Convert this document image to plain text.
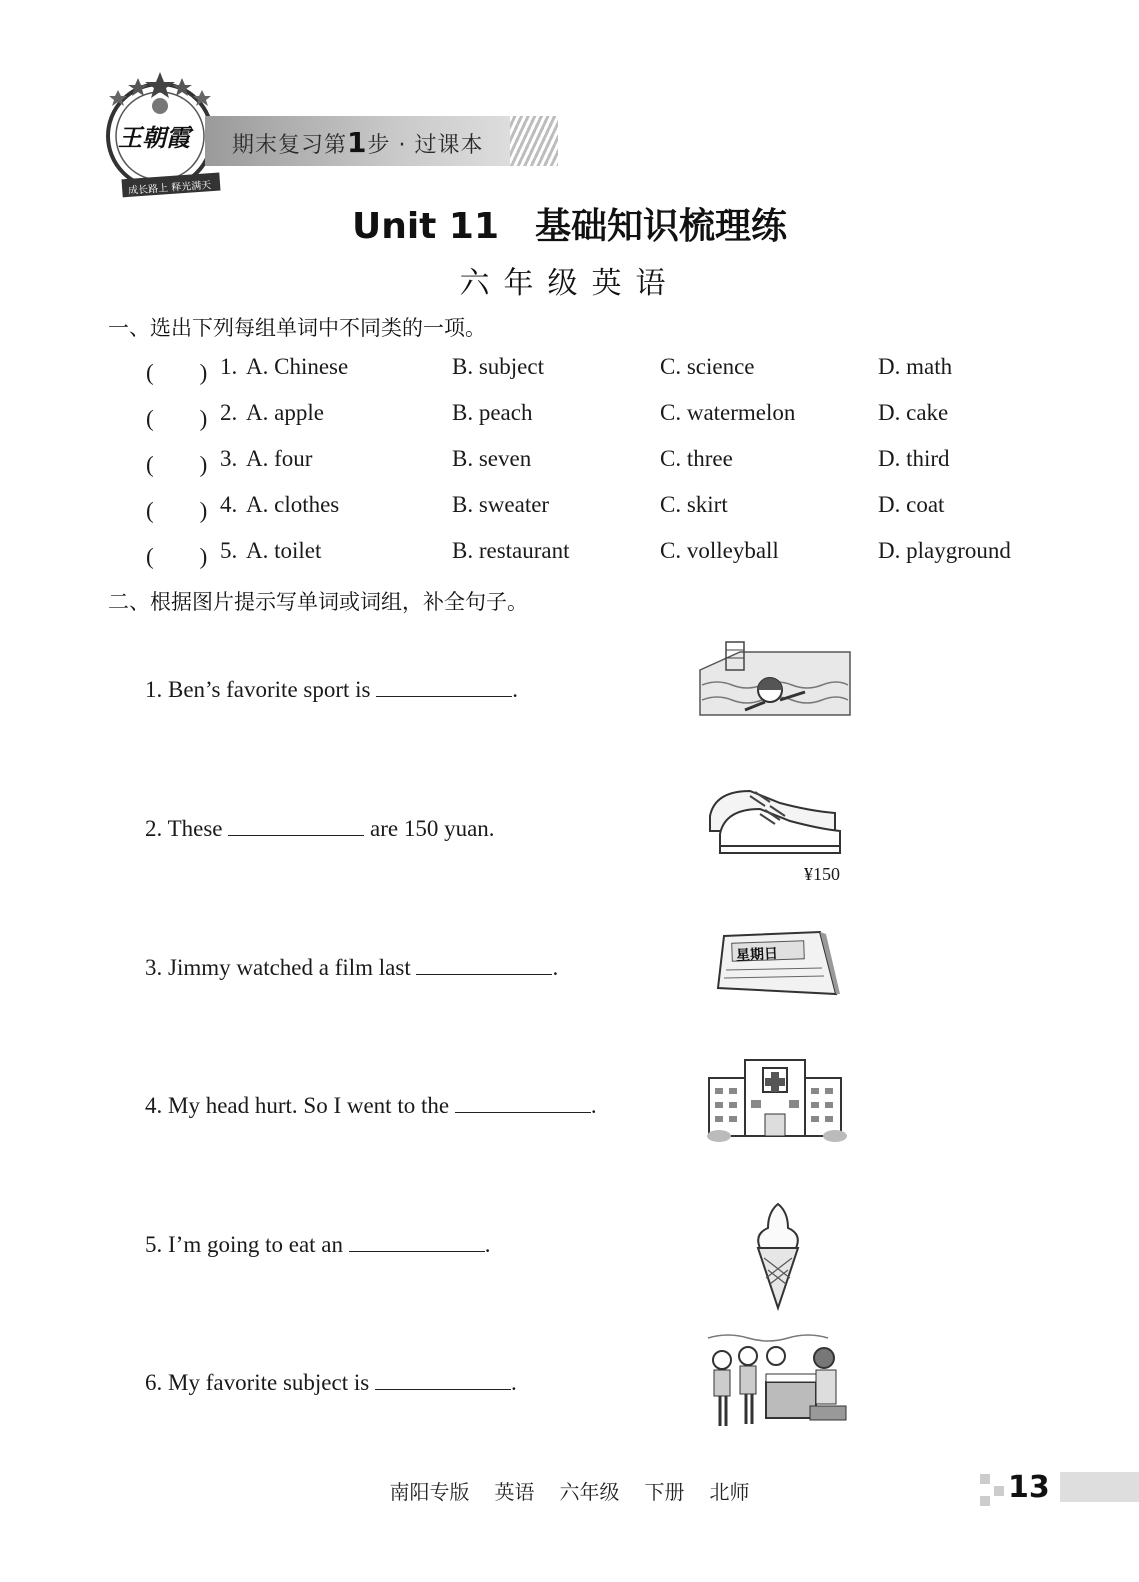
王朝霞
成长路上 释光满天
期末复习第1步 · 过课本
Unit 11　基础知识梳理练
六年级英语
一、选出下列每组单词中不同类的一项。
(　　) 1. A. Chinese	B. subject	C. science	D. math
(　　) 2. A. apple	B. peach	C. watermelon	D. cake
(　　) 3. A. four	B. seven	C. three	D. third
(　　) 4. A. clothes	B. sweater	C. skirt	D. coat
(　　) 5. A. toilet	B. restaurant	C. volleyball	D. playground
二、根据图片提示写单词或词组，补全句子。
1. Ben’s favorite sport is	.
2. These	are 150 yuan.
3. Jimmy watched a film last	.
4. My head hurt. So I went to the	.
5. I’m going to eat an	.
6. My favorite subject is	.
¥150
星期日
南阳专版 英语 六年级 下册 北师	13
